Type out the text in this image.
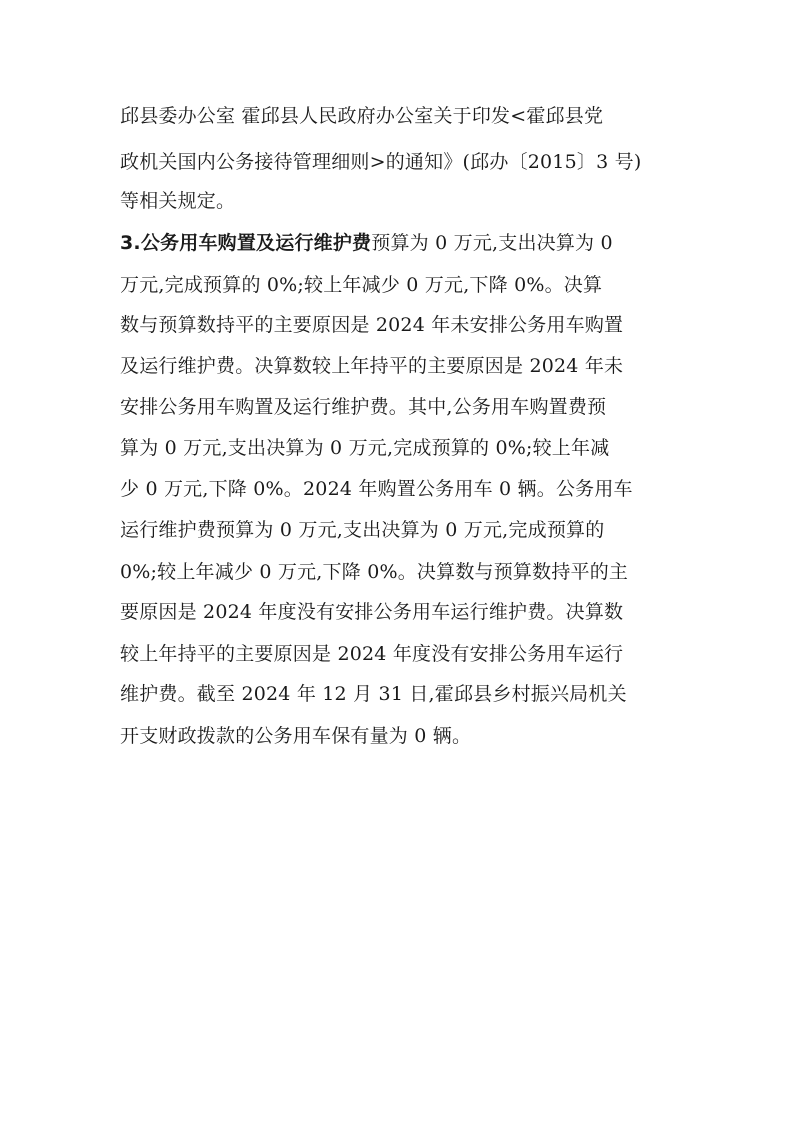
邱县委办公室 霍邱县人民政府办公室关于印发<霍邱县党
政机关国内公务接待管理细则>的通知》(邱办〔2015〕3 号)
等相关规定。
3.公务用车购置及运行维护费预算为 0 万元,支出决算为 0
万元,完成预算的 0%;较上年减少 0 万元,下降 0%。决算
数与预算数持平的主要原因是 2024 年未安排公务用车购置
及运行维护费。决算数较上年持平的主要原因是 2024 年未
安排公务用车购置及运行维护费。其中,公务用车购置费预
算为 0 万元,支出决算为 0 万元,完成预算的 0%;较上年减
少 0 万元,下降 0%。2024 年购置公务用车 0 辆。公务用车
运行维护费预算为 0 万元,支出决算为 0 万元,完成预算的
0%;较上年减少 0 万元,下降 0%。决算数与预算数持平的主
要原因是 2024 年度没有安排公务用车运行维护费。决算数
较上年持平的主要原因是 2024 年度没有安排公务用车运行
维护费。截至 2024 年 12 月 31 日,霍邱县乡村振兴局机关
开支财政拨款的公务用车保有量为 0 辆。
